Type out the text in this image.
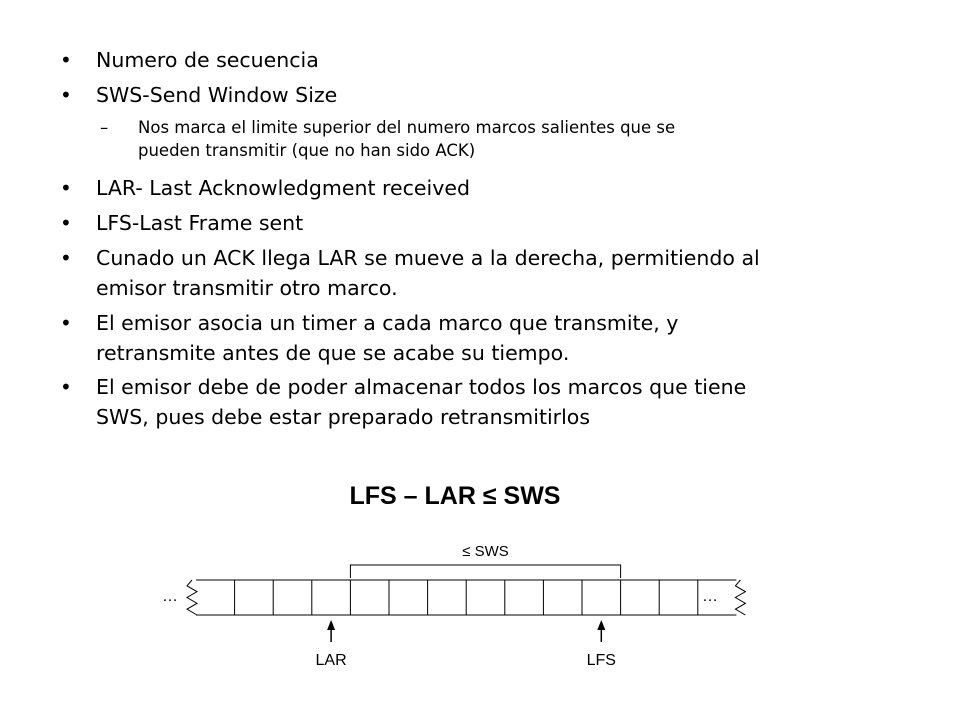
• Numero de secuencia
• SWS-Send Window Size
– Nos marca el limite superior del numero marcos salientes que se
pueden transmitir (que no han sido ACK)
• LAR- Last Acknowledgment received
• LFS-Last Frame sent
• Cunado un ACK llega LAR se mueve a la derecha, permitiendo al
emisor transmitir otro marco.
• El emisor asocia un timer a cada marco que transmite, y
retransmite antes de que se acabe su tiempo.
• El emisor debe de poder almacenar todos los marcos que tiene
SWS, pues debe estar preparado retransmitirlos
LFS – LAR ≤ SWS
≤ SWS
…	…
LAR	LFS
